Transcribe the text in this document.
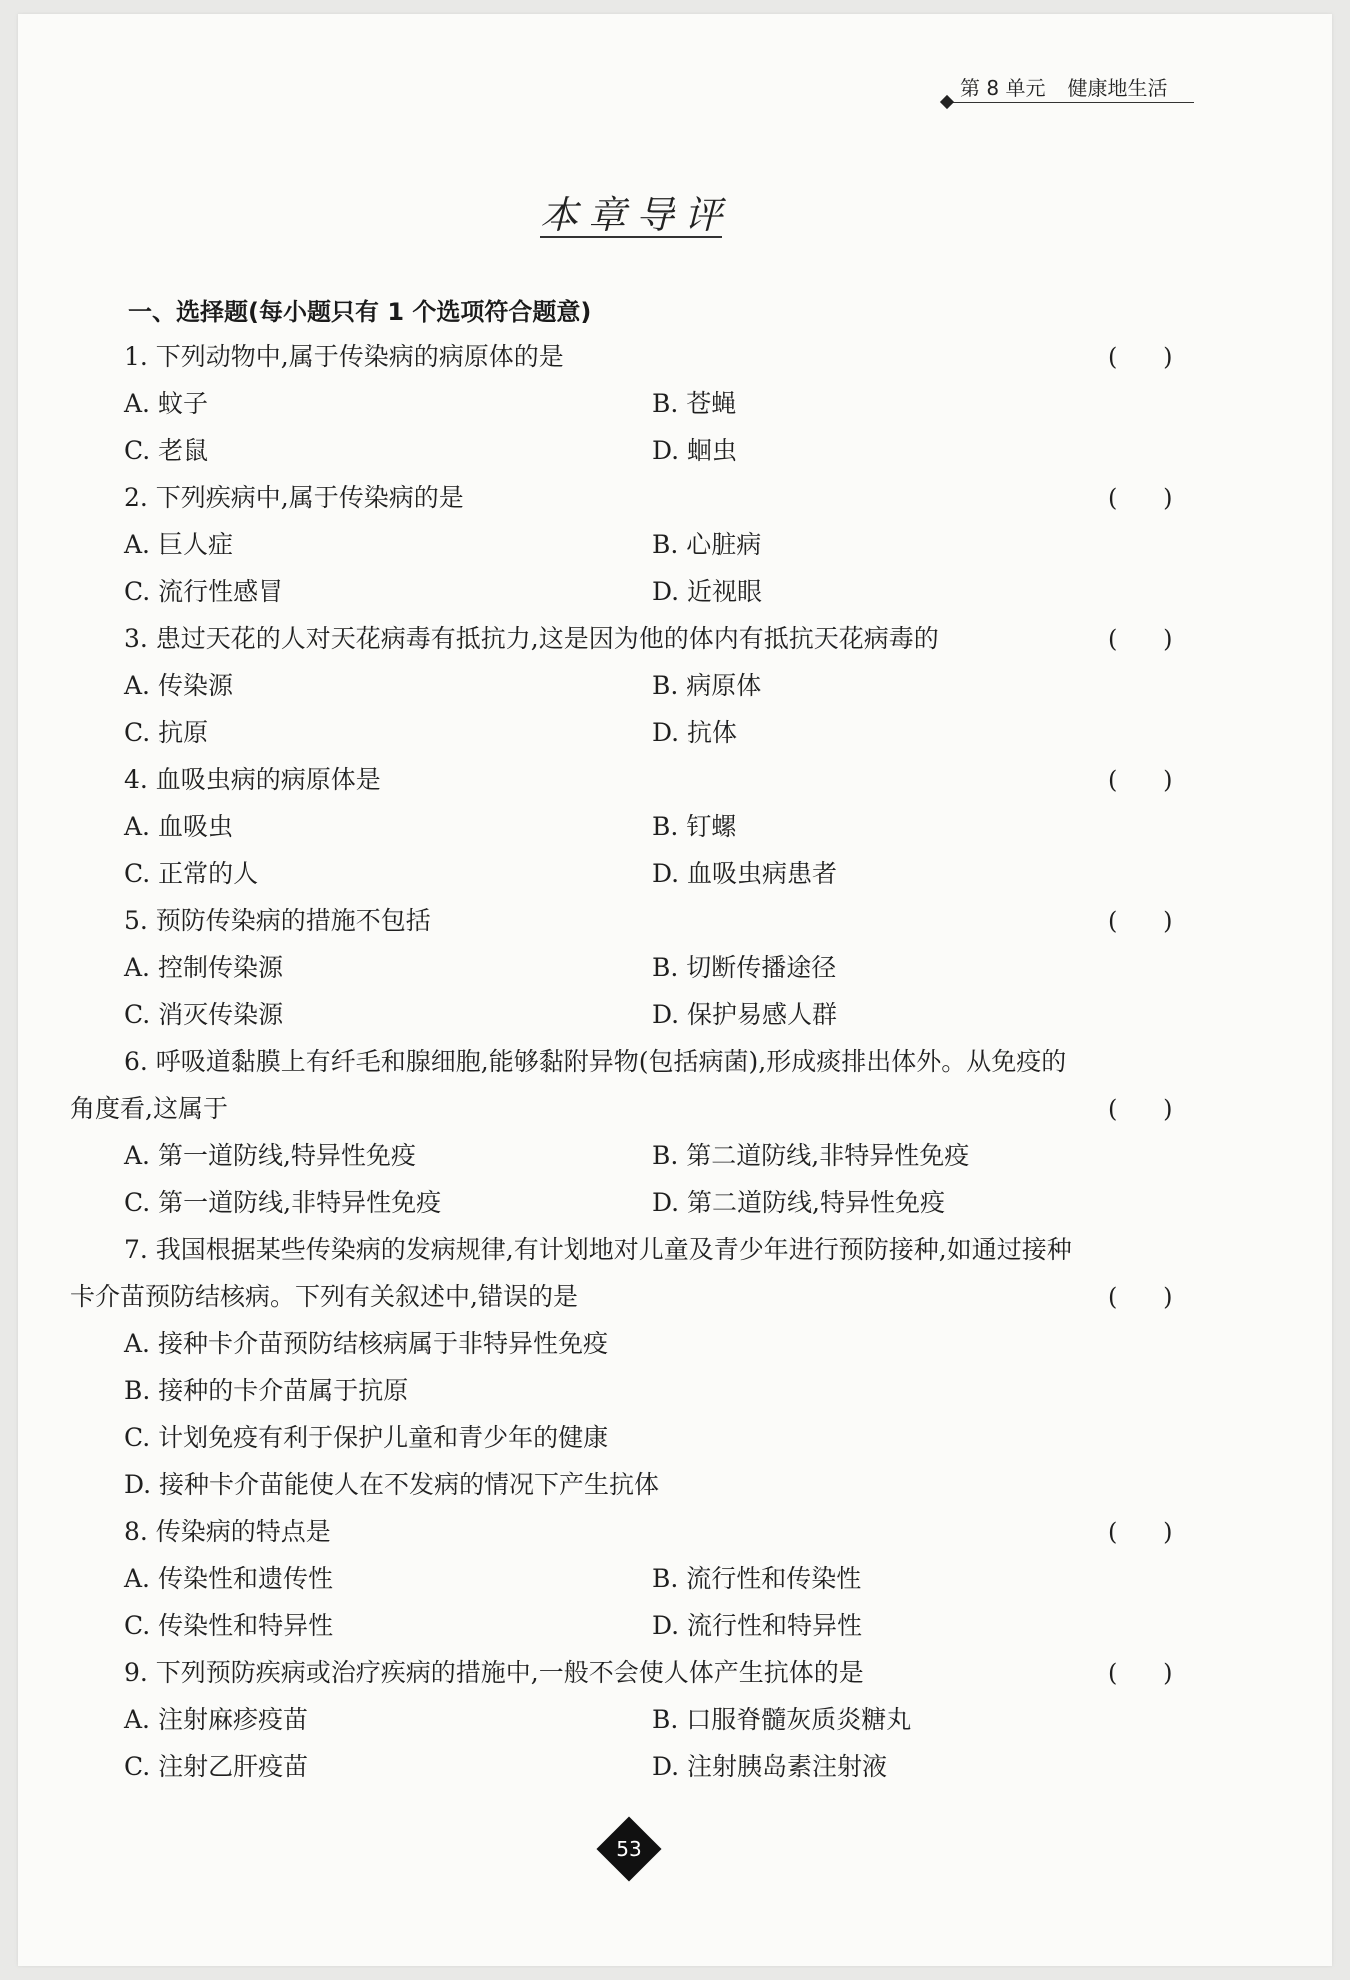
第 8 单元 健康地生活
本章导评
一、选择题(每小题只有 1 个选项符合题意)
1. 下列动物中,属于传染病的病原体的是	(      )
A. 蚊子	B. 苍蝇
C. 老鼠	D. 蛔虫
2. 下列疾病中,属于传染病的是	(      )
A. 巨人症	B. 心脏病
C. 流行性感冒	D. 近视眼
3. 患过天花的人对天花病毒有抵抗力,这是因为他的体内有抵抗天花病毒的	(      )
A. 传染源	B. 病原体
C. 抗原	D. 抗体
4. 血吸虫病的病原体是	(      )
A. 血吸虫	B. 钉螺
C. 正常的人	D. 血吸虫病患者
5. 预防传染病的措施不包括	(      )
A. 控制传染源	B. 切断传播途径
C. 消灭传染源	D. 保护易感人群
6. 呼吸道黏膜上有纤毛和腺细胞,能够黏附异物(包括病菌),形成痰排出体外。从免疫的
角度看,这属于	(      )
A. 第一道防线,特异性免疫	B. 第二道防线,非特异性免疫
C. 第一道防线,非特异性免疫	D. 第二道防线,特异性免疫
7. 我国根据某些传染病的发病规律,有计划地对儿童及青少年进行预防接种,如通过接种
卡介苗预防结核病。下列有关叙述中,错误的是	(      )
A. 接种卡介苗预防结核病属于非特异性免疫
B. 接种的卡介苗属于抗原
C. 计划免疫有利于保护儿童和青少年的健康
D. 接种卡介苗能使人在不发病的情况下产生抗体
8. 传染病的特点是	(      )
A. 传染性和遗传性	B. 流行性和传染性
C. 传染性和特异性	D. 流行性和特异性
9. 下列预防疾病或治疗疾病的措施中,一般不会使人体产生抗体的是	(      )
A. 注射麻疹疫苗	B. 口服脊髓灰质炎糖丸
C. 注射乙肝疫苗	D. 注射胰岛素注射液
53
